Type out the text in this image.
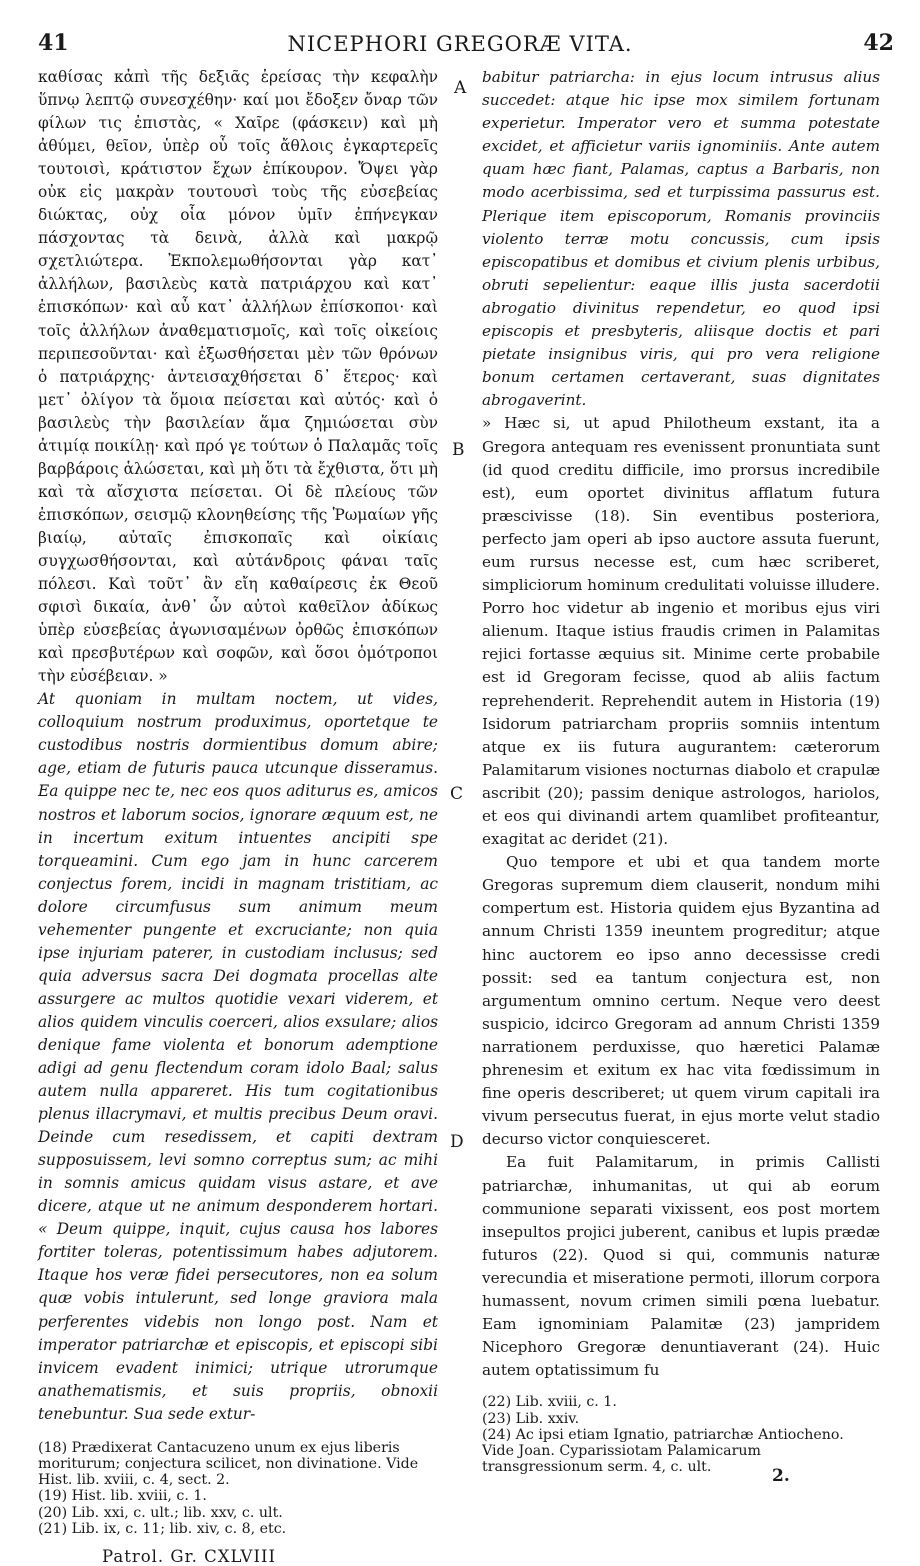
41	NICEPHORI GREGORÆ VITA.	42
A
B
C
D

καθίσας κἀπὶ τῆς δεξιᾶς ἐρείσας τὴν κεφαλὴν ὕπνῳ λεπτῷ συνεσχέθην· καί μοι ἔδοξεν ὄναρ τῶν φίλων τις ἐπιστὰς, « Χαῖρε (φάσκειν) καὶ μὴ ἀθύμει, θεῖον, ὑπὲρ οὗ τοῖς ἄθλοις ἐγκαρτερεῖς τουτοισὶ, κράτιστον ἔχων ἐπίκουρον. Ὄψει γὰρ οὐκ εἰς μακρὰν τουτουσὶ τοὺς τῆς εὐσεβείας διώκτας, οὐχ οἷα μόνον ὑμῖν ἐπήνεγκαν πάσχοντας τὰ δεινὰ, ἀλλὰ καὶ μακρῷ σχετλιώτερα. Ἐκπολεμωθήσονται γὰρ κατ᾽ ἀλλήλων, βασιλεὺς κατὰ πατριάρχου καὶ κατ᾽ ἐπισκόπων· καὶ αὖ κατ᾽ ἀλλήλων ἐπίσκοποι· καὶ τοῖς ἀλλήλων ἀναθεματισμοῖς, καὶ τοῖς οἰκείοις περιπεσοῦνται· καὶ ἐξωσθήσεται μὲν τῶν θρόνων ὁ πατριάρχης· ἀντεισαχθήσεται δ᾽ ἕτερος· καὶ μετ᾽ ὀλίγον τὰ ὅμοια πείσεται καὶ αὐτός· καὶ ὁ βασιλεὺς τὴν βασιλείαν ἅμα ζημιώσεται σὺν ἀτιμίᾳ ποικίλῃ· καὶ πρό γε τούτων ὁ Παλαμᾶς τοῖς βαρβάροις ἁλώσεται, καὶ μὴ ὅτι τὰ ἔχθιστα, ὅτι μὴ καὶ τὰ αἴσχιστα πείσεται. Οἱ δὲ πλείους τῶν ἐπισκόπων, σεισμῷ κλονηθείσης τῆς Ῥωμαίων γῆς βιαίῳ, αὐταῖς ἐπισκοπαῖς καὶ οἰκίαις συγχωσθήσονται, καὶ αὐτάνδροις φάναι ταῖς πόλεσι. Καὶ τοῦτ᾽ ἂν εἴη καθαίρεσις ἐκ Θεοῦ σφισὶ δικαία, ἀνθ᾽ ὧν αὐτοὶ καθεῖλον ἀδίκως ὑπὲρ εὐσεβείας ἀγωνισαμένων ὀρθῶς ἐπισκόπων καὶ πρεσβυτέρων καὶ σοφῶν, καὶ ὅσοι ὁμότροποι τὴν εὐσέβειαν. »

At quoniam in multam noctem, ut vides, colloquium nostrum produximus, oportetque te custodibus nostris dormientibus domum abire; age, etiam de futuris pauca utcunque disseramus. Ea quippe nec te, nec eos quos aditurus es, amicos nostros et laborum socios, ignorare æquum est, ne in incertum exitum intuentes ancipiti spe torqueamini. Cum ego jam in hunc carcerem conjectus forem, incidi in magnam tristitiam, ac dolore circumfusus sum animum meum vehementer pungente et excruciante; non quia ipse injuriam paterer, in custodiam inclusus; sed quia adversus sacra Dei dogmata procellas alte assurgere ac multos quotidie vexari viderem, et alios quidem vinculis coerceri, alios exsulare; alios denique fame violenta et bonorum ademptione adigi ad genu flectendum coram idolo Baal; salus autem nulla appareret. His tum cogitationibus plenus illacrymavi, et multis precibus Deum oravi. Deinde cum resedissem, et capiti dextram supposuissem, levi somno correptus sum; ac mihi in somnis amicus quidam visus astare, et ave dicere, atque ut ne animum desponderem hortari. « Deum quippe, inquit, cujus causa hos labores fortiter toleras, potentissimum habes adjutorem. Itaque hos veræ fidei persecutores, non ea solum quæ vobis intulerunt, sed longe graviora mala perferentes videbis non longo post. Nam et imperator patriarchæ et episcopis, et episcopi sibi invicem evadent inimici; utrique utrorumque anathematismis, et suis propriis, obnoxii tenebuntur. Sua sede extur-

(18) Prædixerat Cantacuzeno unum ex ejus liberis moriturum; conjectura scilicet, non divinatione. Vide Hist. lib. xviii, c. 4, sect. 2.

(19) Hist. lib. xviii, c. 1.

(20) Lib. xxi, c. ult.; lib. xxv, c. ult.

(21) Lib. ix, c. 11; lib. xiv, c. 8, etc.

Patrol. Gr. CXLVIII

babitur patriarcha: in ejus locum intrusus alius succedet: atque hic ipse mox similem fortunam experietur. Imperator vero et summa potestate excidet, et afficietur variis ignominiis. Ante autem quam hæc fiant, Palamas, captus a Barbaris, non modo acerbissima, sed et turpissima passurus est. Plerique item episcoporum, Romanis provinciis violento terræ motu concussis, cum ipsis episcopatibus et domibus et civium plenis urbibus, obruti sepelientur: eaque illis justa sacerdotii abrogatio divinitus rependetur, eo quod ipsi episcopis et presbyteris, aliisque doctis et pari pietate insignibus viris, qui pro vera religione bonum certamen certaverant, suas dignitates abrogaverint.

» Hæc si, ut apud Philotheum exstant, ita a Gregora antequam res evenissent pronuntiata sunt (id quod creditu difficile, imo prorsus incredibile est), eum oportet divinitus afflatum futura præscivisse (18). Sin eventibus posteriora, perfecto jam operi ab ipso auctore assuta fuerunt, eum rursus necesse est, cum hæc scriberet, simpliciorum hominum credulitati voluisse illudere. Porro hoc videtur ab ingenio et moribus ejus viri alienum. Itaque istius fraudis crimen in Palamitas rejici fortasse æquius sit. Minime certe probabile est id Gregoram fecisse, quod ab aliis factum reprehenderit. Reprehendit autem in Historia (19) Isidorum patriarcham propriis somniis intentum atque ex iis futura augurantem: cæterorum Palamitarum visiones nocturnas diabolo et crapulæ ascribit (20); passim denique astrologos, hariolos, et eos qui divinandi artem quamlibet profiteantur, exagitat ac deridet (21).

Quo tempore et ubi et qua tandem morte Gregoras supremum diem clauserit, nondum mihi compertum est. Historia quidem ejus Byzantina ad annum Christi 1359 ineuntem progreditur; atque hinc auctorem eo ipso anno decessisse credi possit: sed ea tantum conjectura est, non argumentum omnino certum. Neque vero deest suspicio, idcirco Gregoram ad annum Christi 1359 narrationem perduxisse, quo hæretici Palamæ phrenesim et exitum ex hac vita fœdissimum in fine operis describeret; ut quem virum capitali ira vivum persecutus fuerat, in ejus morte velut stadio decurso victor conquiesceret.

Ea fuit Palamitarum, in primis Callisti patriarchæ, inhumanitas, ut qui ab eorum communione separati vixissent, eos post mortem insepultos projici juberent, canibus et lupis prædæ futuros (22). Quod si qui, communis naturæ verecundia et miseratione permoti, illorum corpora humassent, novum crimen simili pœna luebatur. Eam ignominiam Palamitæ (23) jampridem Nicephoro Gregoræ denuntiaverant (24). Huic autem optatissimum fu

(22) Lib. xviii, c. 1.

(23) Lib. xxiv.

(24) Ac ipsi etiam Ignatio, patriarchæ Antiocheno. Vide Joan. Cyparissiotam Palamicarum transgressionum serm. 4, c. ult.	2.
